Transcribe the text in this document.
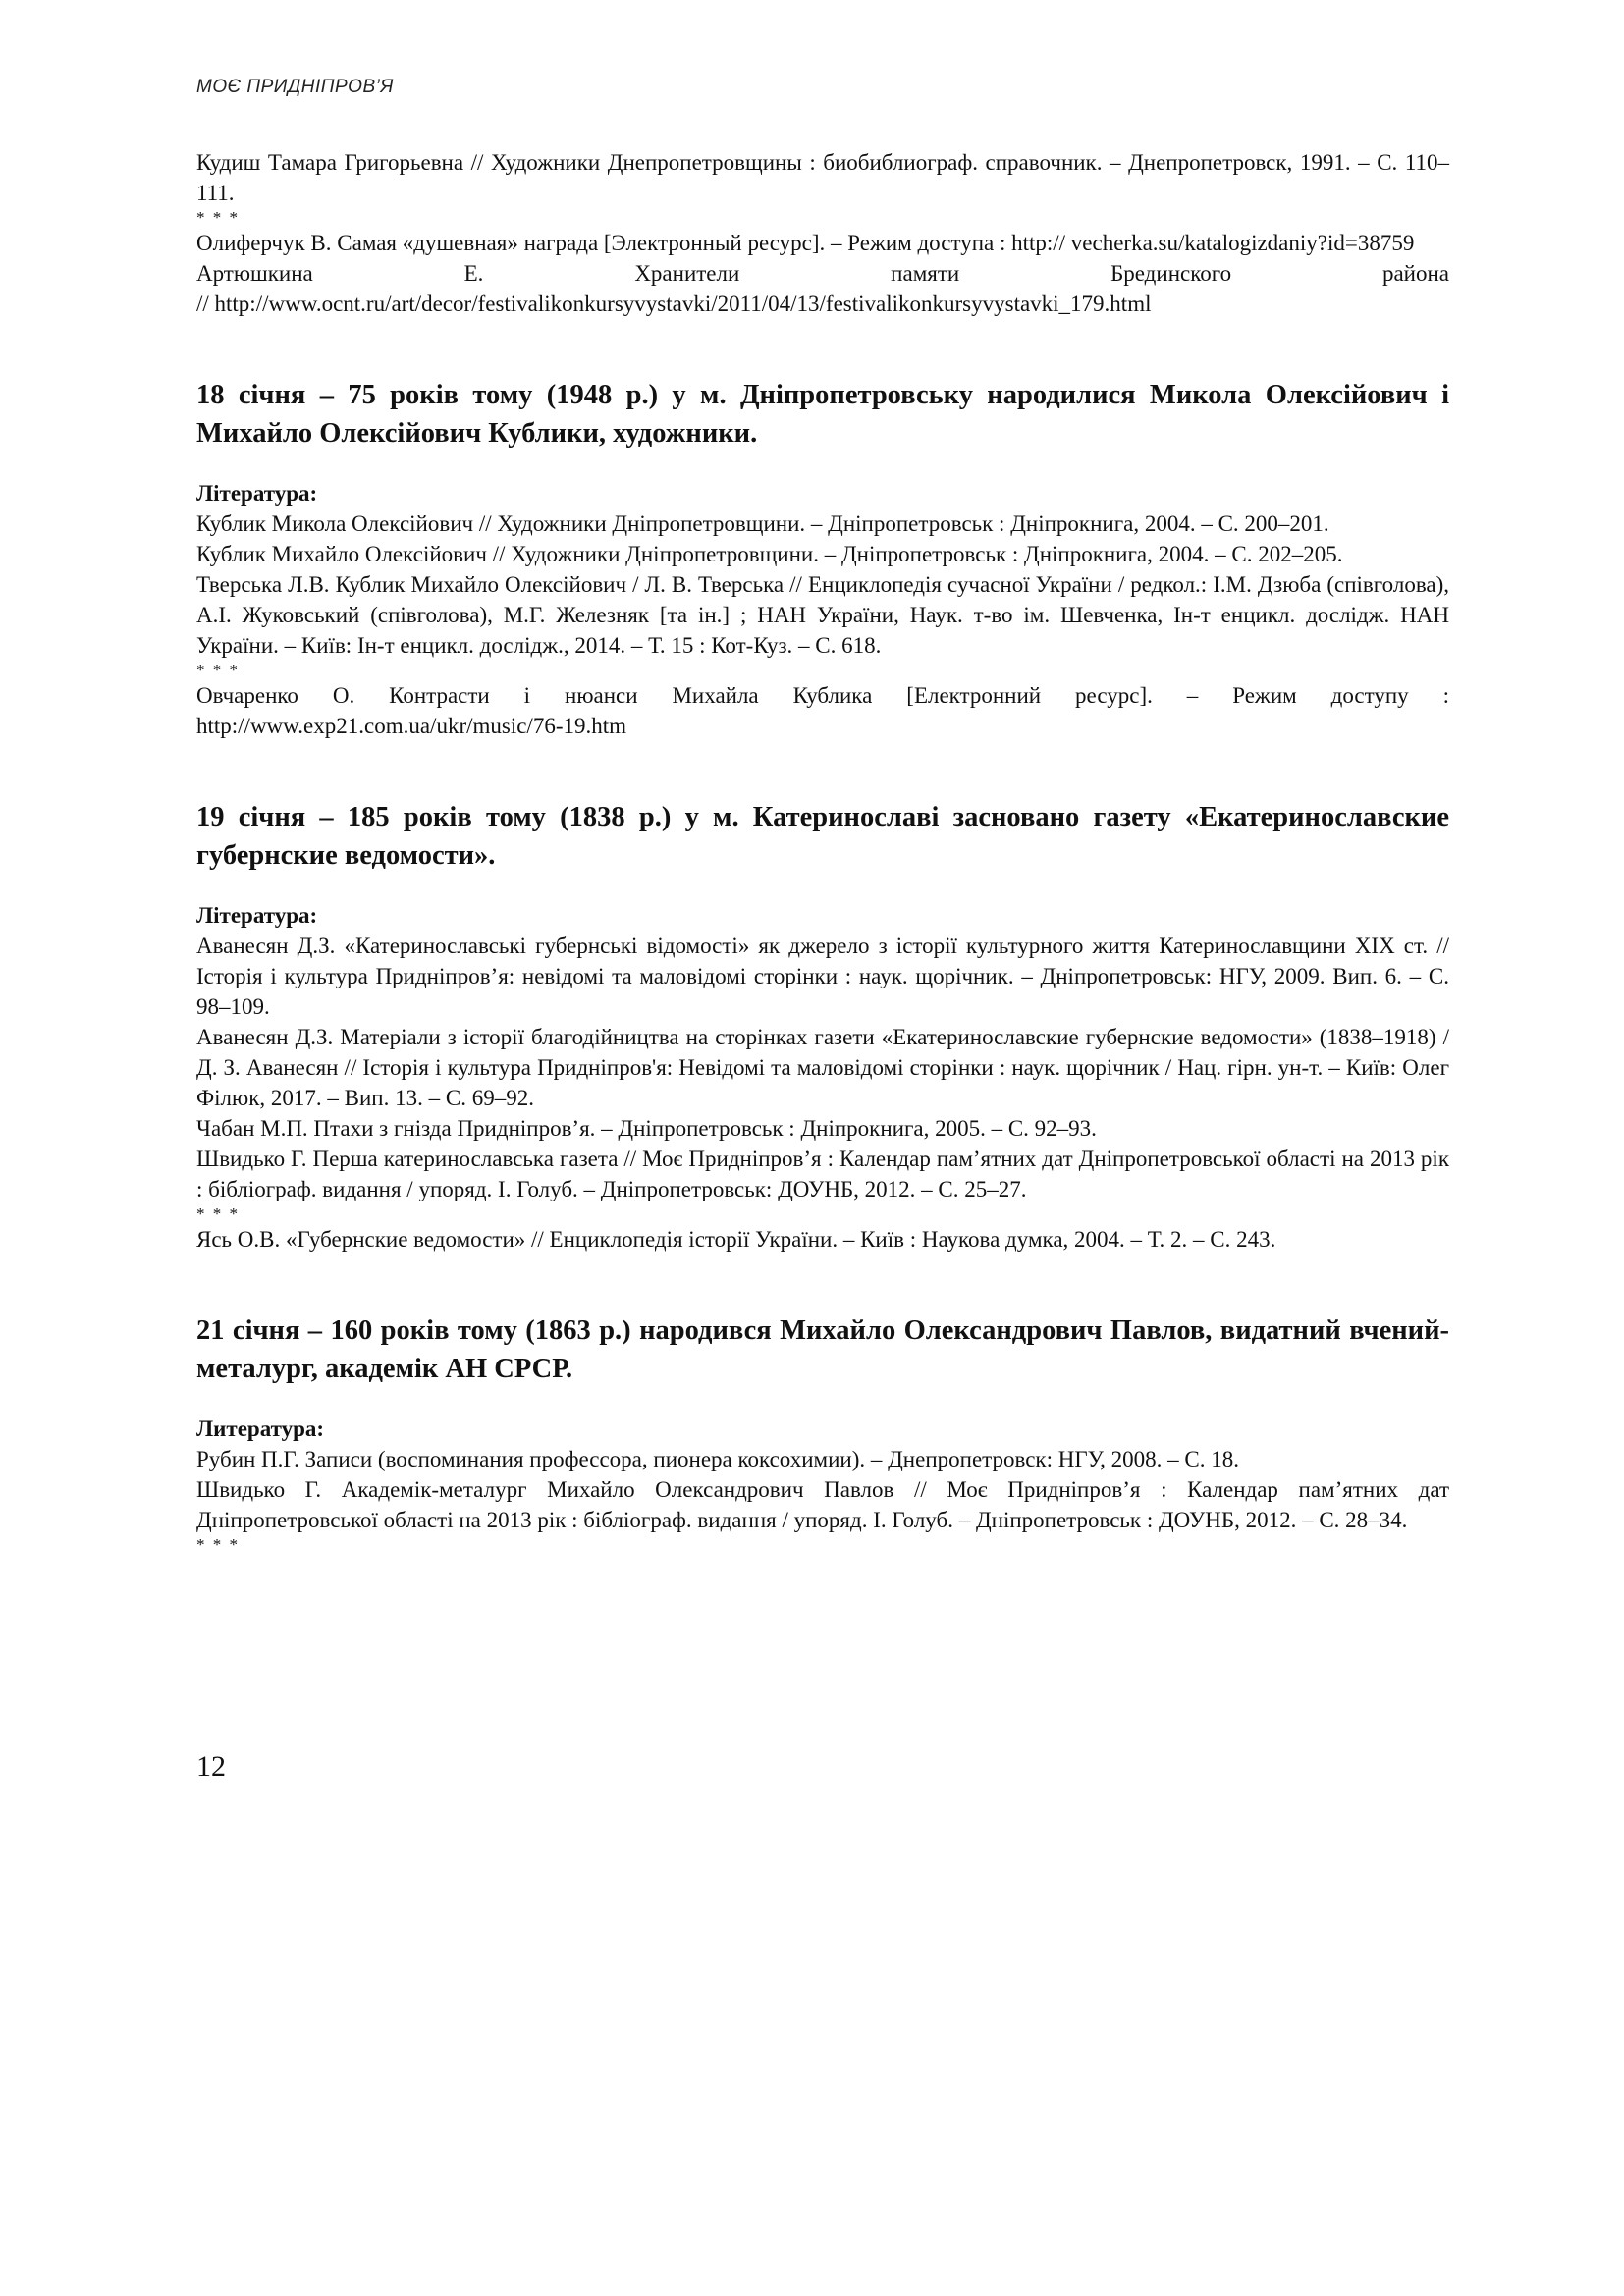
МОЄ ПРИДНІПРОВ’Я

Кудиш Тамара Григорьевна // Художники Днепропетровщины : биобиблиограф. справочник. – Днепропетровск, 1991. – С. 110–111.

* * *

Олиферчук В. Самая «душевная» награда [Электронный ресурс]. – Режим доступа : http:// vecherka.su/katalogizdaniy?id=38759

Артюшкина Е. Хранители памяти Брединского района

// http://www.ocnt.ru/art/decor/festivalikonkursyvystavki/2011/04/13/festivalikonkursyvystavki_179.html

18 січня – 75 років тому (1948 р.) у м. Дніпропетровську народилися Микола Олексійович і Михайло Олексійович Кублики, художники.

Література:

Кублик Микола Олексійович // Художники Дніпропетровщини. – Дніпропетровськ : Дніпрокнига, 2004. – С. 200–201.

Кублик Михайло Олексійович // Художники Дніпропетровщини. – Дніпропетровськ : Дніпрокнига, 2004. – С. 202–205.

Тверська Л.В. Кублик Михайло Олексійович / Л. В. Тверська // Енциклопедія сучасної України / редкол.: І.М. Дзюба (співголова), А.І. Жуковський (співголова), М.Г. Железняк [та ін.] ; НАН України, Наук. т-во ім. Шевченка, Ін-т енцикл. дослідж. НАН України. – Київ: Ін-т енцикл. дослідж., 2014. – Т. 15 : Кот-Куз. – С. 618.

* * *

Овчаренко О. Контрасти і нюанси Михайла Кублика [Електронний ресурс]. – Режим доступу : http://www.exp21.com.ua/ukr/music/76-19.htm

19 січня – 185 років тому (1838 р.) у м. Катеринославі засновано газету «Екатеринославские губернские ведомости».

Література:

Аванесян Д.З. «Катеринославські губернські відомості» як джерело з історії культурного життя Катеринославщини ХІХ ст. // Історія і культура Придніпров’я: невідомі та маловідомі сторінки : наук. щорічник. – Дніпропетровськ: НГУ, 2009. Вип. 6. – С. 98–109.

Аванесян Д.З. Матеріали з історії благодійництва на сторінках газети «Екатеринославские губернские ведомости» (1838–1918) / Д. З. Аванесян // Історія і культура Придніпров'я: Невідомі та маловідомі сторінки : наук. щорічник / Нац. гірн. ун-т. – Київ: Олег Філюк, 2017. – Вип. 13. – С. 69–92.

Чабан М.П. Птахи з гнізда Придніпров’я. – Дніпропетровськ : Дніпрокнига, 2005. – С. 92–93.

Швидько Г. Перша катеринославська газета // Моє Придніпров’я : Календар пам’ятних дат Дніпропетровської області на 2013 рік : бібліограф. видання / упоряд. І. Голуб. – Дніпропетровськ: ДОУНБ, 2012. – С. 25–27.

* * *

Ясь О.В. «Губернские ведомости» // Енциклопедія історії України. – Київ : Наукова думка, 2004. – Т. 2. – С. 243.

21 січня – 160 років тому (1863 р.) народився Михайло Олександрович Павлов, видатний вчений-металург, академік АН СРСР.

Литература:

Рубин П.Г. Записи (воспоминания профессора, пионера коксохимии). – Днепропетровск: НГУ, 2008. – С. 18.

Швидько Г. Академік-металург Михайло Олександрович Павлов // Моє Придніпров’я : Календар пам’ятних дат Дніпропетровської області на 2013 рік : бібліограф. видання / упоряд. І. Голуб. – Дніпропетровськ : ДОУНБ, 2012. – С. 28–34.

* * *

12
